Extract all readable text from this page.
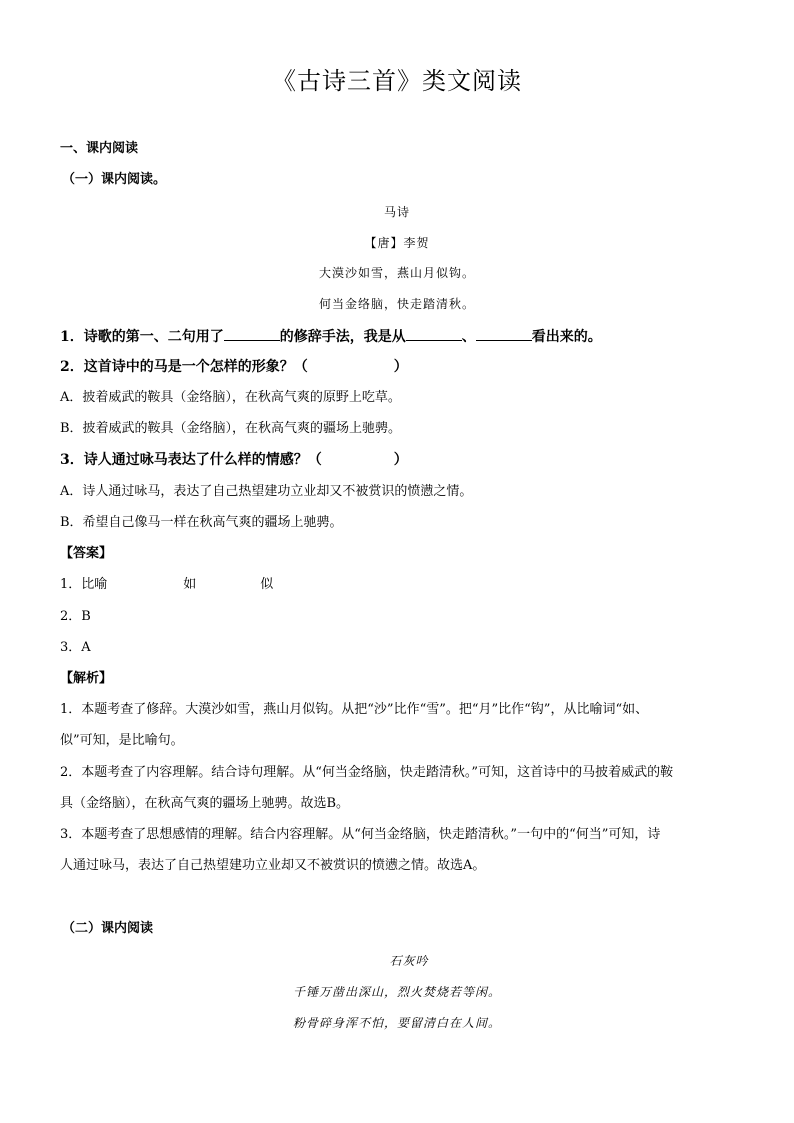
《古诗三首》类文阅读
一、课内阅读
（一）课内阅读。
马诗
【唐】李贺
大漠沙如雪，燕山月似钩。
何当金络脑，快走踏清秋。
1．诗歌的第一、二句用了	的修辞手法，我是从	、	看出来的。
2．这首诗中的马是一个怎样的形象？（	）
A．披着威武的鞍具（金络脑），在秋高气爽的原野上吃草。
B．披着威武的鞍具（金络脑），在秋高气爽的疆场上驰骋。
3．诗人通过咏马表达了什么样的情感？（	）
A．诗人通过咏马，表达了自己热望建功立业却又不被赏识的愤懑之情。
B．希望自己像马一样在秋高气爽的疆场上驰骋。
【答案】
1．比喻	如	似
2．B
3．A
【解析】
1．本题考查了修辞。大漠沙如雪，燕山月似钩。从把“沙”比作“雪”。把“月”比作“钩”，从比喻词“如、
似”可知，是比喻句。
2．本题考查了内容理解。结合诗句理解。从“何当金络脑，快走踏清秋。”可知，这首诗中的马披着威武的鞍
具（金络脑），在秋高气爽的疆场上驰骋。故选B。
3．本题考查了思想感情的理解。结合内容理解。从“何当金络脑，快走踏清秋。”一句中的“何当”可知，诗
人通过咏马，表达了自己热望建功立业却又不被赏识的愤懑之情。故选A。
（二）课内阅读
石灰吟
千锤万凿出深山，烈火焚烧若等闲。
粉骨碎身浑不怕，要留清白在人间。
